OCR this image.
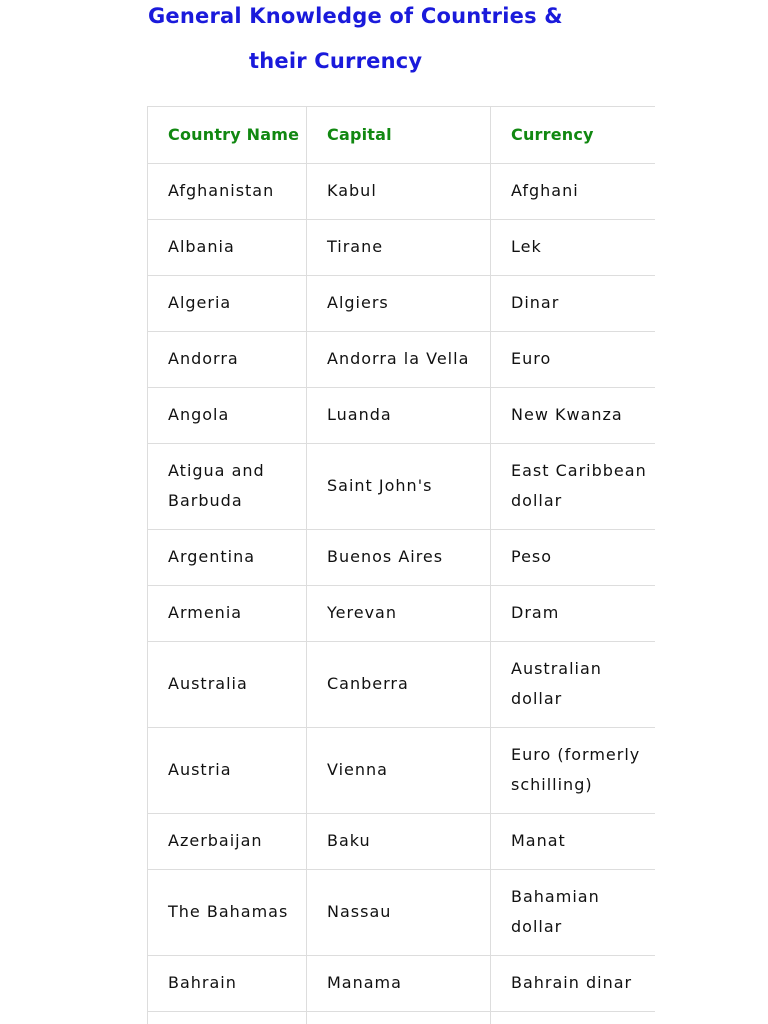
General Knowledge of Countries &
their Currency
Country Name	Capital	Currency
Afghanistan	Kabul	Afghani
Albania	Tirane	Lek
Algeria	Algiers	Dinar
Andorra	Andorra la Vella	Euro
Angola	Luanda	New Kwanza
Atigua and Barbuda	Saint John's	East Caribbean dollar
Argentina	Buenos Aires	Peso
Armenia	Yerevan	Dram
Australia	Canberra	Australian dollar
Austria	Vienna	Euro (formerly schilling)
Azerbaijan	Baku	Manat
The Bahamas	Nassau	Bahamian dollar
Bahrain	Manama	Bahrain dinar
